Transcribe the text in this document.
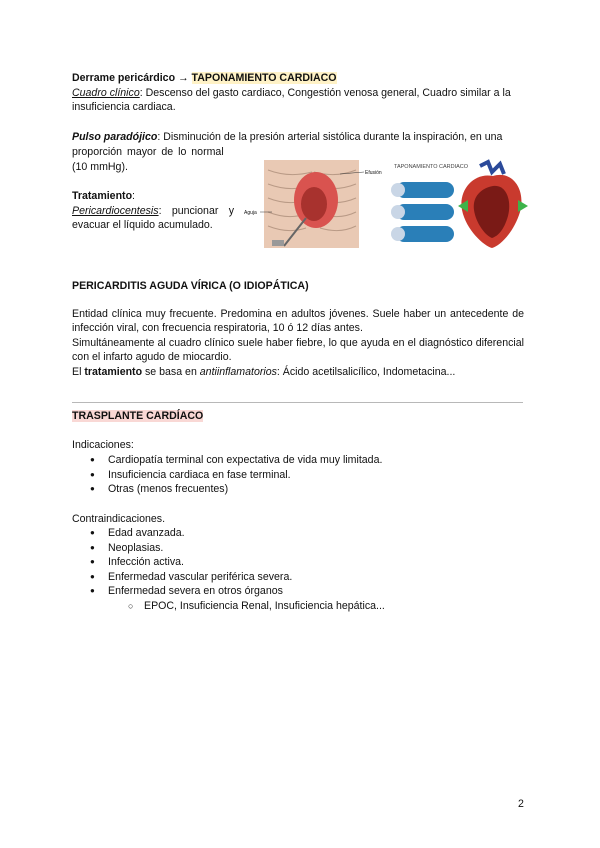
Derrame pericárdico → TAPONAMIENTO CARDIACO
Cuadro clínico: Descenso del gasto cardiaco, Congestión venosa general, Cuadro similar a la insuficiencia cardiaca.
Pulso paradójico: Disminución de la presión arterial sistólica durante la inspiración, en una
proporción mayor de lo normal
(10 mmHg).
Tratamiento:
Pericardiocentesis: puncionar y evacuar el líquido acumulado.
Aguja
Efusión
TAPONAMIENTO CARDIACO
PERICARDITIS AGUDA VÍRICA (O IDIOPÁTICA)
Entidad clínica muy frecuente. Predomina en adultos jóvenes. Suele haber un antecedente de infección viral, con frecuencia respiratoria, 10 ó 12 días antes.
Simultáneamente al cuadro clínico suele haber fiebre, lo que ayuda en el diagnóstico diferencial con el infarto agudo de miocardio.
El tratamiento se basa en antiinflamatorios: Ácido acetilsalicílico, Indometacina...
TRASPLANTE CARDÍACO
Indicaciones:
● Cardiopatía terminal con expectativa de vida muy limitada.
● Insuficiencia cardiaca en fase terminal.
● Otras (menos frecuentes)
Contraindicaciones.
● Edad avanzada.
● Neoplasias.
● Infección activa.
● Enfermedad vascular periférica severa.
● Enfermedad severa en otros órganos
○ EPOC, Insuficiencia Renal, Insuficiencia hepática...
2
